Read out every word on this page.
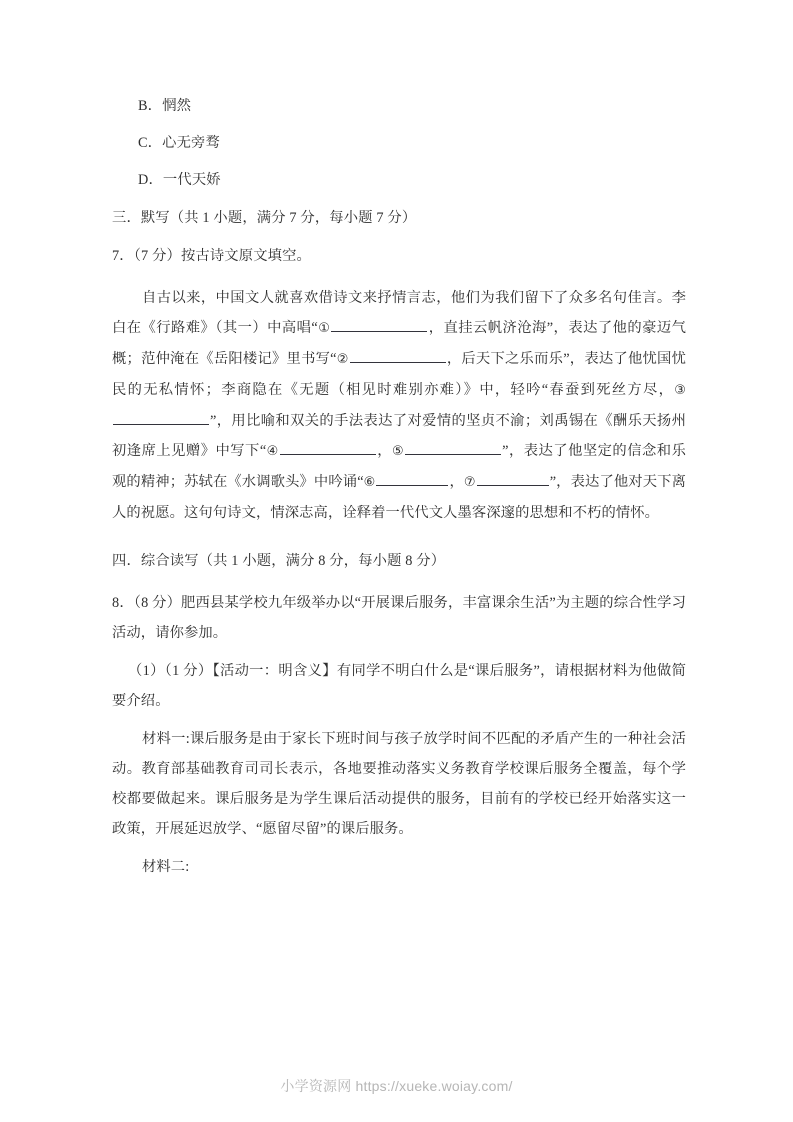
B．惘然
C．心无旁骛
D．一代天娇
三．默写（共 1 小题，满分 7 分，每小题 7 分）
7．（7 分）按古诗文原文填空。
自古以来，中国文人就喜欢借诗文来抒情言志，他们为我们留下了众多名句佳言。李白在《行路难》（其一）中高唱“①	，直挂云帆济沧海”，表达了他的豪迈气概；范仲淹在《岳阳楼记》里书写“②	，后天下之乐而乐”，表达了他忧国忧民的无私情怀；李商隐在《无题（相见时难别亦难）》中，轻吟“春蚕到死丝方尽，③”，用比喻和双关的手法表达了对爱情的坚贞不渝；刘禹锡在《酬乐天扬州初逢席上见赠》中写下“④	，⑤	”，表达了他坚定的信念和乐观的精神；苏轼在《水调歌头》中吟诵“⑥	，⑦	”，表达了他对天下离人的祝愿。这句句诗文，情深志高，诠释着一代代文人墨客深邃的思想和不朽的情怀。
四．综合读写（共 1 小题，满分 8 分，每小题 8 分）
8．（8 分）肥西县某学校九年级举办以“开展课后服务，丰富课余生活”为主题的综合性学习活动，请你参加。
（1）（1 分）【活动一：明含义】有同学不明白什么是“课后服务”，请根据材料为他做简要介绍。
材料一:课后服务是由于家长下班时间与孩子放学时间不匹配的矛盾产生的一种社会活动。教育部基础教育司司长表示，各地要推动落实义务教育学校课后服务全覆盖，每个学校都要做起来。课后服务是为学生课后活动提供的服务，目前有的学校已经开始落实这一政策，开展延迟放学、“愿留尽留”的课后服务。
材料二:
小学资源网 https://xueke.woiay.com/
